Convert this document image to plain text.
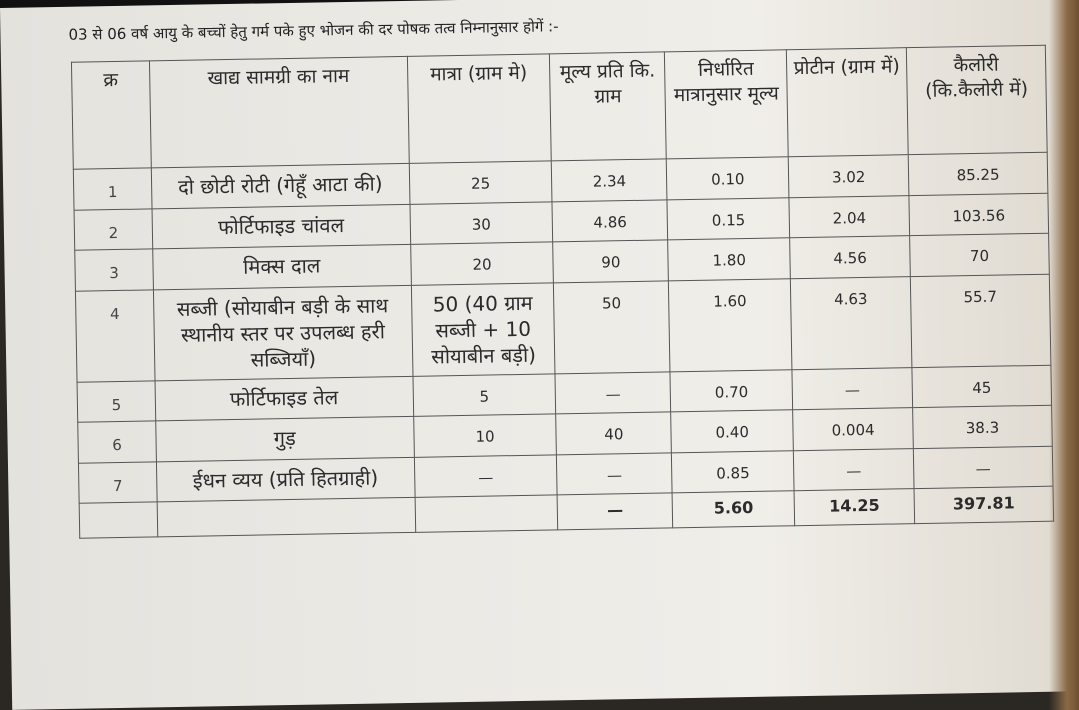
03 से 06 वर्ष आयु के बच्चों हेतु गर्म पके हुए भोजन की दर पोषक तत्व निम्नानुसार होगें :-
क्र	खाद्य सामग्री का नाम	मात्रा (ग्राम मे)	मूल्य प्रति कि. ग्राम	निर्धारित मात्रानुसार मूल्य	प्रोटीन (ग्राम में)	कैलोरी (कि.कैलोरी में)
1	दो छोटी रोटी (गेहूँ आटा की)	25	2.34	0.10	3.02	85.25
2	फोर्टिफाइड चांवल	30	4.86	0.15	2.04	103.56
3	मिक्स दाल	20	90	1.80	4.56	70
4	सब्जी (सोयाबीन बड़ी के साथ स्थानीय स्तर पर उपलब्ध हरी सब्जियाँ)	50 (40 ग्राम सब्जी + 10 सोयाबीन बड़ी)	50	1.60	4.63	55.7
5	फोर्टिफाइड तेल	5	—	0.70	—	45
6	गुड़	10	40	0.40	0.004	38.3
7	ईधन व्यय (प्रति हितग्राही)	—	—	0.85	—	—
			—	5.60	14.25	397.81
